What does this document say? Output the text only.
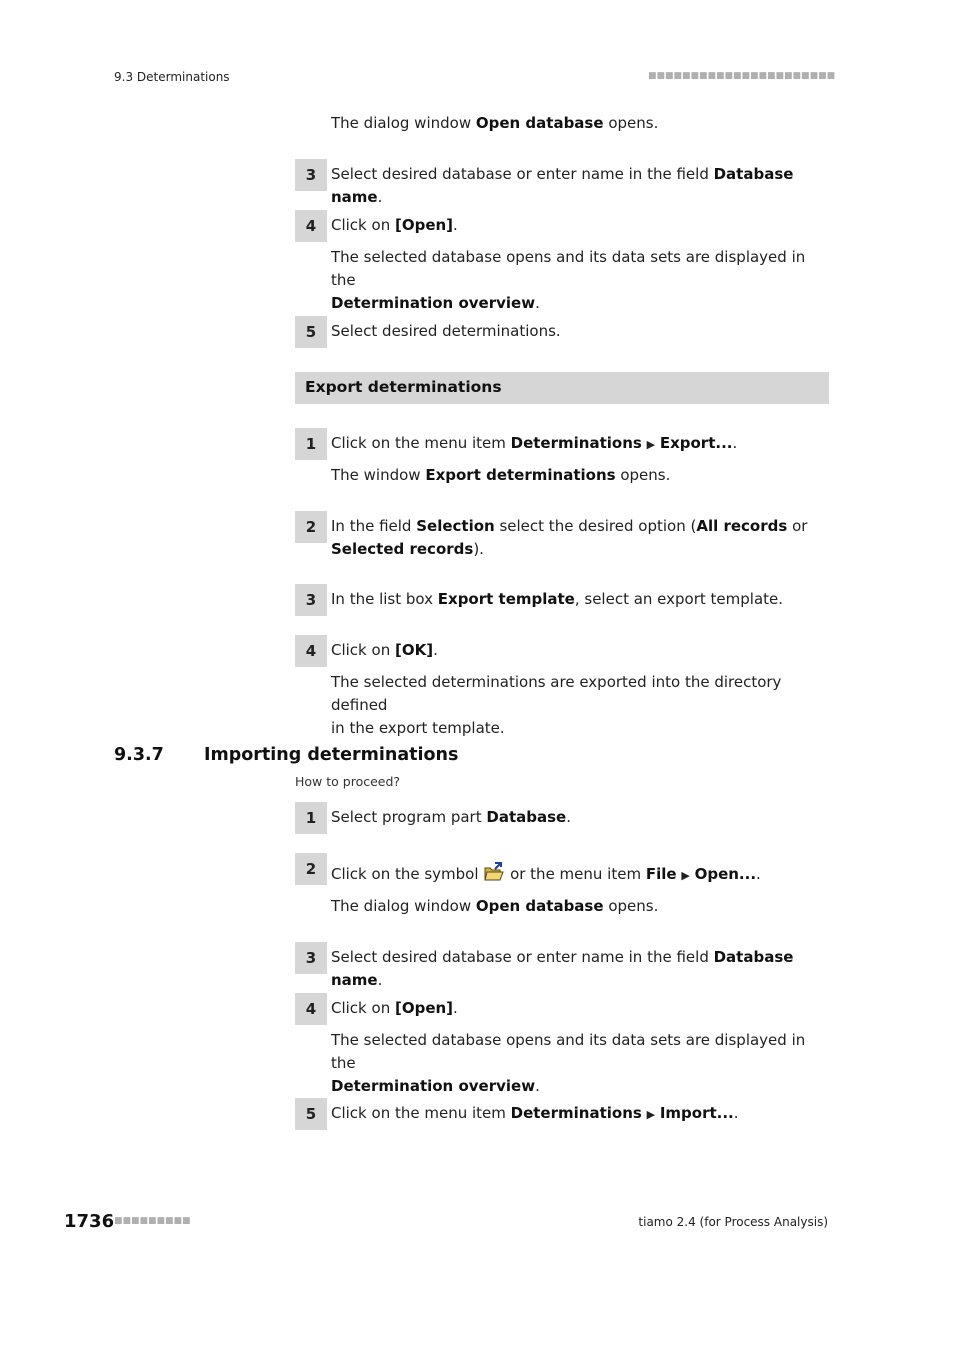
9.3 Determinations	■■■■■■■■■■■■■■■■■■■■■■
The dialog window Open database opens.
3 Select desired database or enter name in the field Database name.
4 Click on [Open].
The selected database opens and its data sets are displayed in the
Determination overview.
5 Select desired determinations.
Export determinations
1 Click on the menu item Determinations ▶ Export....
The window Export determinations opens.
2 In the field Selection select the desired option (All records or
Selected records).
3 In the list box Export template, select an export template.
4 Click on [OK].
The selected determinations are exported into the directory defined
in the export template.
9.3.7 Importing determinations
How to proceed?
1 Select program part Database.
2 Click on the symbol  or the menu item File ▶ Open....
The dialog window Open database opens.
3 Select desired database or enter name in the field Database name.
4 Click on [Open].
The selected database opens and its data sets are displayed in the
Determination overview.
5 Click on the menu item Determinations ▶ Import....
1736 ■■■■■■■■■	tiamo 2.4 (for Process Analysis)
